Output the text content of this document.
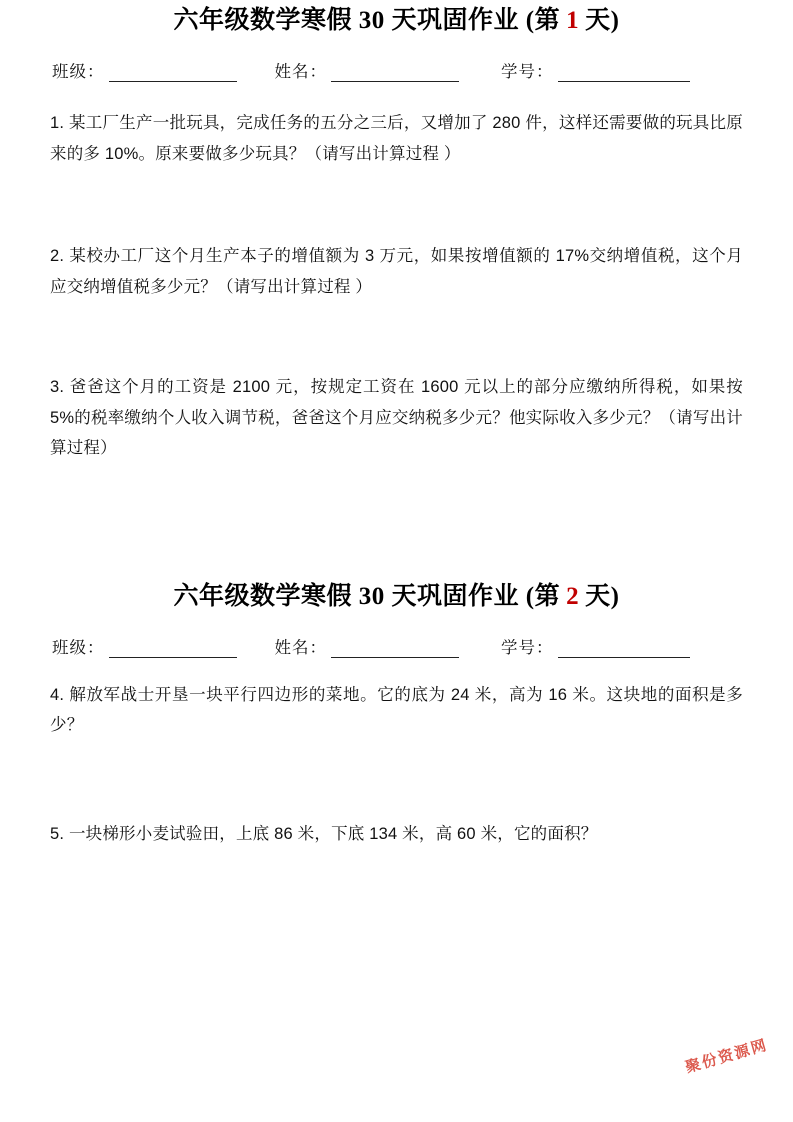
六年级数学寒假 30 天巩固作业 (第 1 天)
班级：	姓名：	学号：

1. 某工厂生产一批玩具，完成任务的五分之三后，又增加了 280 件，这样还需要做的玩具比原来的多 10%。原来要做多少玩具？（请写出计算过程 ）

2. 某校办工厂这个月生产本子的增值额为 3 万元，如果按增值额的 17%交纳增值税，这个月应交纳增值税多少元？（请写出计算过程 ）

3. 爸爸这个月的工资是 2100 元，按规定工资在 1600 元以上的部分应缴纳所得税，如果按 5%的税率缴纳个人收入调节税，爸爸这个月应交纳税多少元？他实际收入多少元？（请写出计算过程）

六年级数学寒假 30 天巩固作业 (第 2 天)
班级：	姓名：	学号：

4. 解放军战士开垦一块平行四边形的菜地。它的底为 24 米，高为 16 米。这块地的面积是多少？

5. 一块梯形小麦试验田，上底 86 米，下底 134 米，高 60 米，它的面积？

聚份资源网
